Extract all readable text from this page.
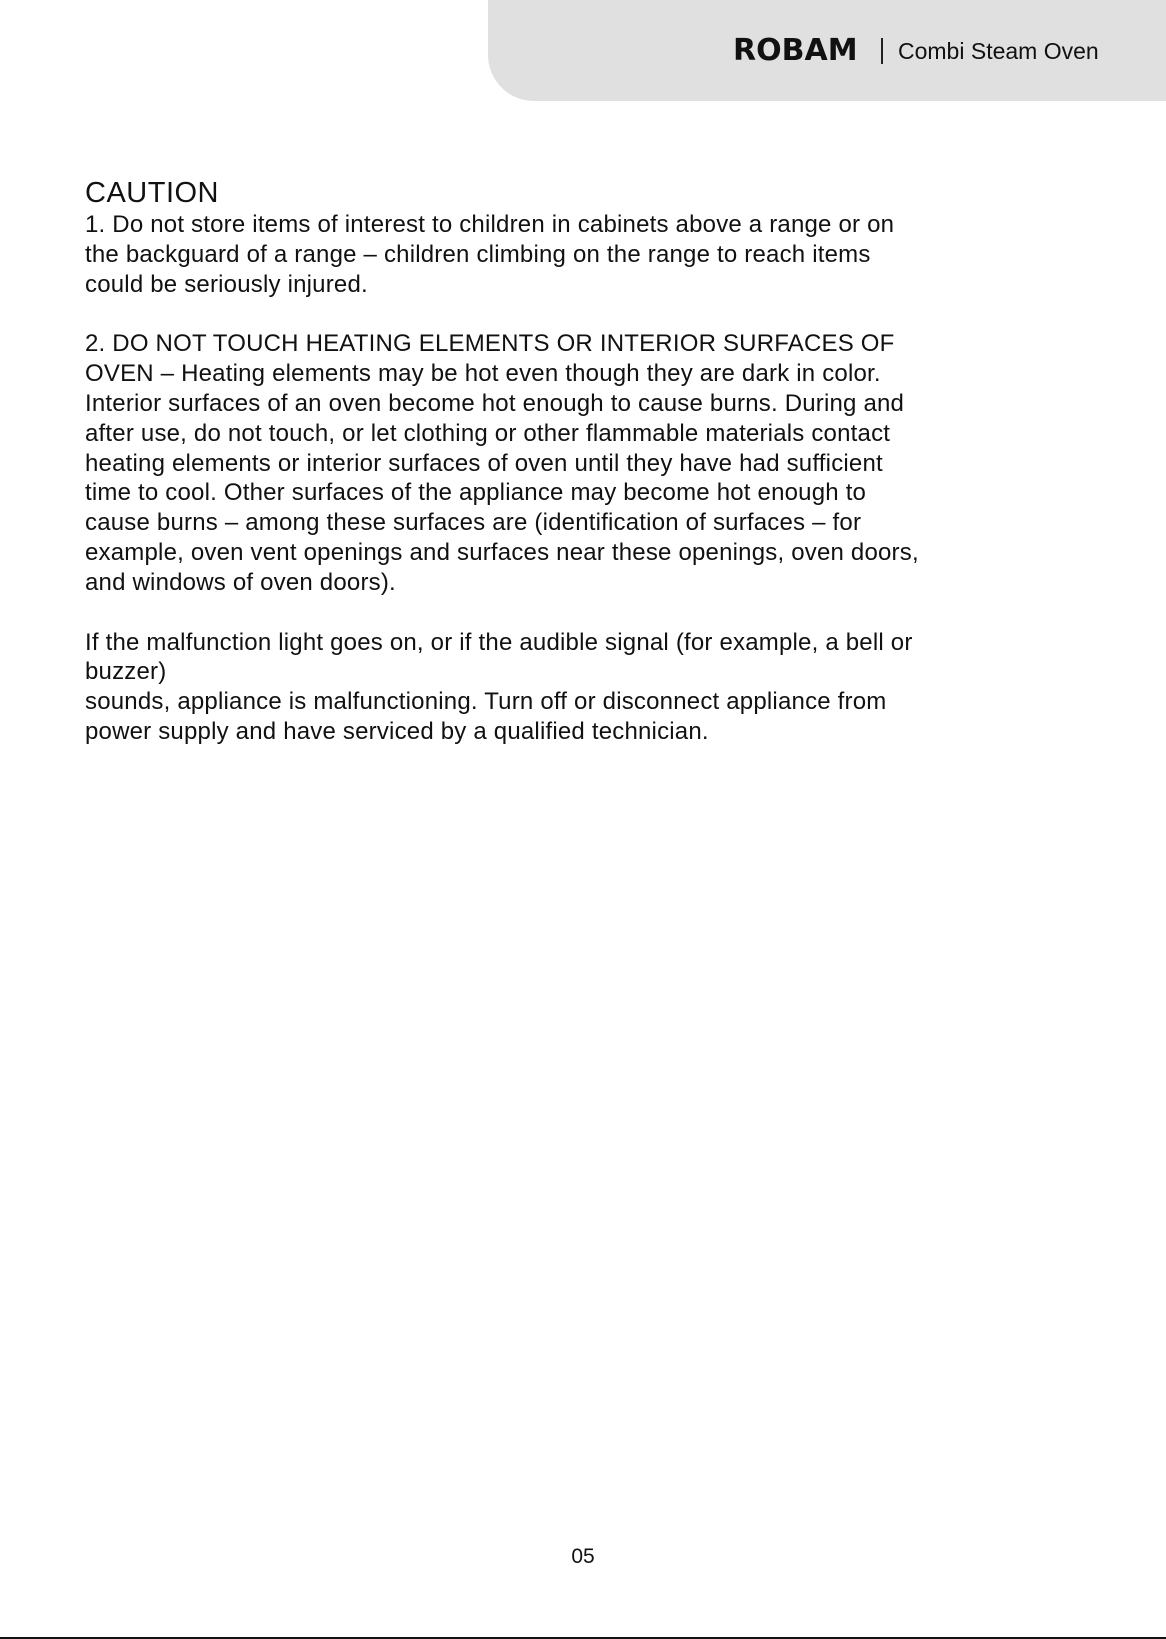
ROBAM Combi Steam Oven
CAUTION

1. Do not store items of interest to children in cabinets above a range or on
the backguard of a range – children climbing on the range to reach items
could be seriously injured.

2. DO NOT TOUCH HEATING ELEMENTS OR INTERIOR SURFACES OF
OVEN – Heating elements may be hot even though they are dark in color.
Interior surfaces of an oven become hot enough to cause burns. During and
after use, do not touch, or let clothing or other flammable materials contact
heating elements or interior surfaces of oven until they have had sufficient
time to cool. Other surfaces of the appliance may become hot enough to
cause burns – among these surfaces are (identification of surfaces – for
example, oven vent openings and surfaces near these openings, oven doors,
and windows of oven doors).

If the malfunction light goes on, or if the audible signal (for example, a bell or
buzzer)
sounds, appliance is malfunctioning. Turn off or disconnect appliance from
power supply and have serviced by a qualified technician.

05
